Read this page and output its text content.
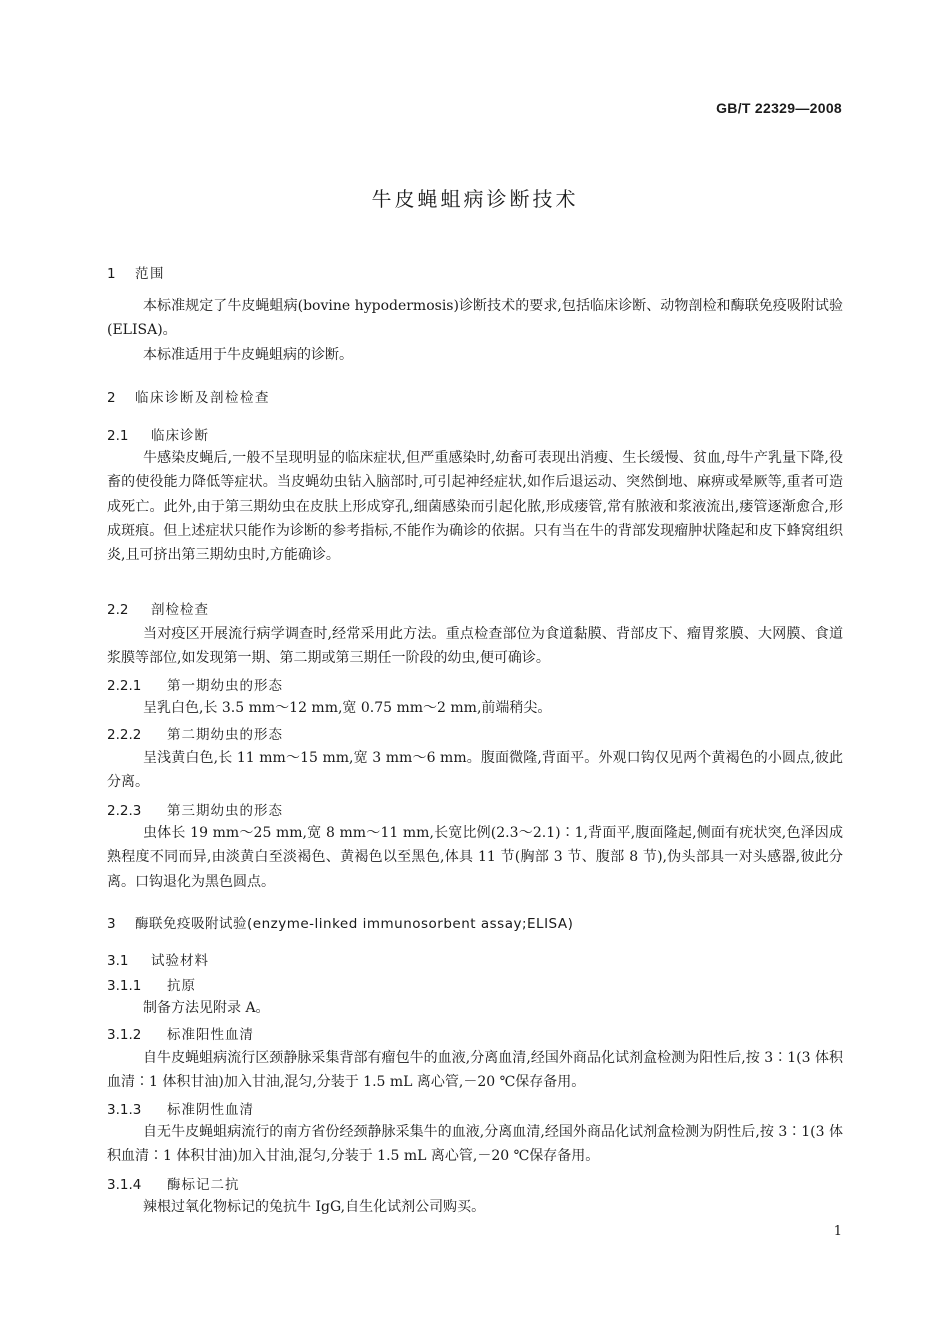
GB/T 22329—2008
牛皮蝇蛆病诊断技术
1 范围
本标准规定了牛皮蝇蛆病(bovine hypodermosis)诊断技术的要求,包括临床诊断、动物剖检和酶联免疫吸附试验(ELISA)。
本标准适用于牛皮蝇蛆病的诊断。
2 临床诊断及剖检检查
2.1 临床诊断
牛感染皮蝇后,一般不呈现明显的临床症状,但严重感染时,幼畜可表现出消瘦、生长缓慢、贫血,母牛产乳量下降,役畜的使役能力降低等症状。当皮蝇幼虫钻入脑部时,可引起神经症状,如作后退运动、突然倒地、麻痹或晕厥等,重者可造成死亡。此外,由于第三期幼虫在皮肤上形成穿孔,细菌感染而引起化脓,形成瘘管,常有脓液和浆液流出,瘘管逐渐愈合,形成斑痕。但上述症状只能作为诊断的参考指标,不能作为确诊的依据。只有当在牛的背部发现瘤肿状隆起和皮下蜂窝组织炎,且可挤出第三期幼虫时,方能确诊。
2.2 剖检检查
当对疫区开展流行病学调查时,经常采用此方法。重点检查部位为食道黏膜、背部皮下、瘤胃浆膜、大网膜、食道浆膜等部位,如发现第一期、第二期或第三期任一阶段的幼虫,便可确诊。
2.2.1 第一期幼虫的形态
呈乳白色,长 3.5 mm～12 mm,宽 0.75 mm～2 mm,前端稍尖。
2.2.2 第二期幼虫的形态
呈浅黄白色,长 11 mm～15 mm,宽 3 mm～6 mm。腹面微隆,背面平。外观口钩仅见两个黄褐色的小圆点,彼此分离。
2.2.3 第三期幼虫的形态
虫体长 19 mm～25 mm,宽 8 mm～11 mm,长宽比例(2.3～2.1)∶1,背面平,腹面隆起,侧面有疣状突,色泽因成熟程度不同而异,由淡黄白至淡褐色、黄褐色以至黑色,体具 11 节(胸部 3 节、腹部 8 节),伪头部具一对头感器,彼此分离。口钩退化为黑色圆点。
3 酶联免疫吸附试验(enzyme-linked immunosorbent assay;ELISA)
3.1 试验材料
3.1.1 抗原
制备方法见附录 A。
3.1.2 标准阳性血清
自牛皮蝇蛆病流行区颈静脉采集背部有瘤包牛的血液,分离血清,经国外商品化试剂盒检测为阳性后,按 3∶1(3 体积血清∶1 体积甘油)加入甘油,混匀,分装于 1.5 mL 离心管,－20 ℃保存备用。
3.1.3 标准阴性血清
自无牛皮蝇蛆病流行的南方省份经颈静脉采集牛的血液,分离血清,经国外商品化试剂盒检测为阴性后,按 3∶1(3 体积血清∶1 体积甘油)加入甘油,混匀,分装于 1.5 mL 离心管,－20 ℃保存备用。
3.1.4 酶标记二抗
辣根过氧化物标记的兔抗牛 IgG,自生化试剂公司购买。
1
